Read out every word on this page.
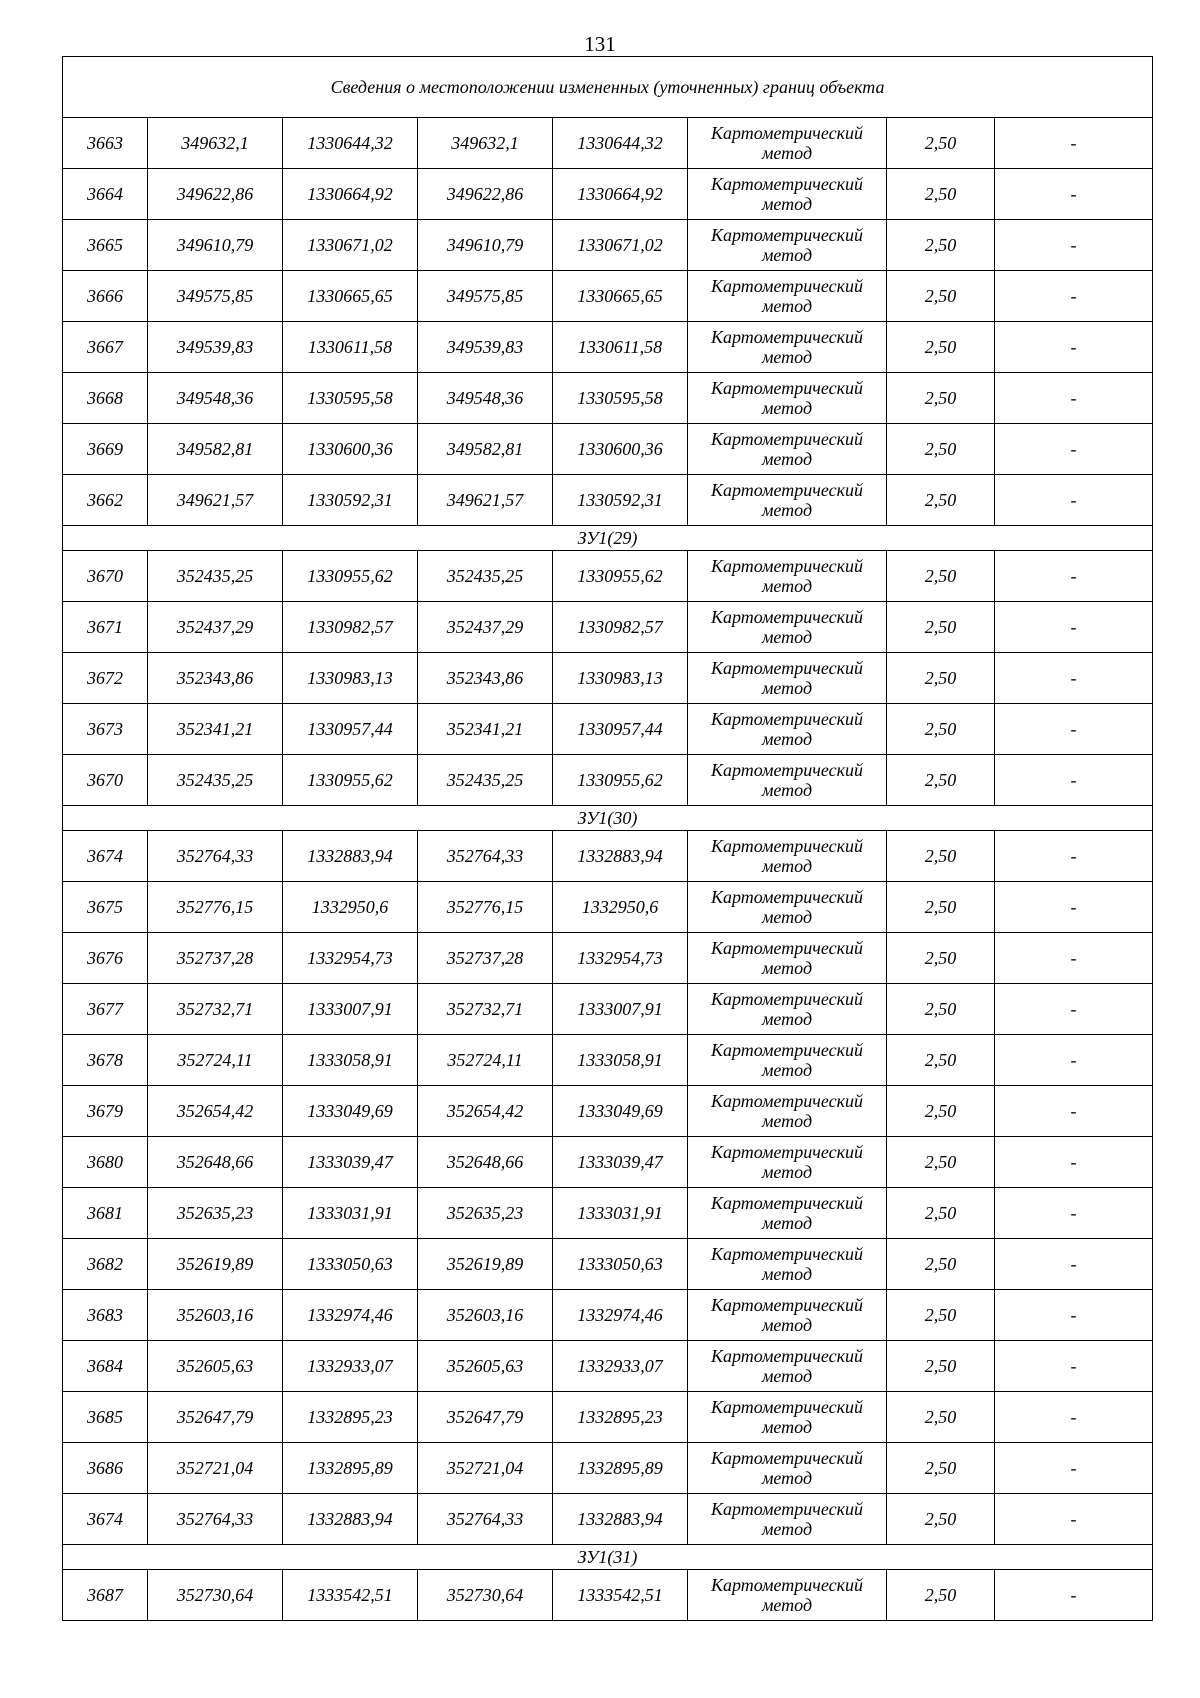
131
Сведения о местоположении измененных (уточненных) границ объекта							
3663	349632,1	1330644,32	349632,1	1330644,32	Картометрический метод	2,50	-
3664	349622,86	1330664,92	349622,86	1330664,92	Картометрический метод	2,50	-
3665	349610,79	1330671,02	349610,79	1330671,02	Картометрический метод	2,50	-
3666	349575,85	1330665,65	349575,85	1330665,65	Картометрический метод	2,50	-
3667	349539,83	1330611,58	349539,83	1330611,58	Картометрический метод	2,50	-
3668	349548,36	1330595,58	349548,36	1330595,58	Картометрический метод	2,50	-
3669	349582,81	1330600,36	349582,81	1330600,36	Картометрический метод	2,50	-
3662	349621,57	1330592,31	349621,57	1330592,31	Картометрический метод	2,50	-
ЗУ1(29)							
3670	352435,25	1330955,62	352435,25	1330955,62	Картометрический метод	2,50	-
3671	352437,29	1330982,57	352437,29	1330982,57	Картометрический метод	2,50	-
3672	352343,86	1330983,13	352343,86	1330983,13	Картометрический метод	2,50	-
3673	352341,21	1330957,44	352341,21	1330957,44	Картометрический метод	2,50	-
3670	352435,25	1330955,62	352435,25	1330955,62	Картометрический метод	2,50	-
ЗУ1(30)							
3674	352764,33	1332883,94	352764,33	1332883,94	Картометрический метод	2,50	-
3675	352776,15	1332950,6	352776,15	1332950,6	Картометрический метод	2,50	-
3676	352737,28	1332954,73	352737,28	1332954,73	Картометрический метод	2,50	-
3677	352732,71	1333007,91	352732,71	1333007,91	Картометрический метод	2,50	-
3678	352724,11	1333058,91	352724,11	1333058,91	Картометрический метод	2,50	-
3679	352654,42	1333049,69	352654,42	1333049,69	Картометрический метод	2,50	-
3680	352648,66	1333039,47	352648,66	1333039,47	Картометрический метод	2,50	-
3681	352635,23	1333031,91	352635,23	1333031,91	Картометрический метод	2,50	-
3682	352619,89	1333050,63	352619,89	1333050,63	Картометрический метод	2,50	-
3683	352603,16	1332974,46	352603,16	1332974,46	Картометрический метод	2,50	-
3684	352605,63	1332933,07	352605,63	1332933,07	Картометрический метод	2,50	-
3685	352647,79	1332895,23	352647,79	1332895,23	Картометрический метод	2,50	-
3686	352721,04	1332895,89	352721,04	1332895,89	Картометрический метод	2,50	-
3674	352764,33	1332883,94	352764,33	1332883,94	Картометрический метод	2,50	-
ЗУ1(31)							
3687	352730,64	1333542,51	352730,64	1333542,51	Картометрический метод	2,50	-
